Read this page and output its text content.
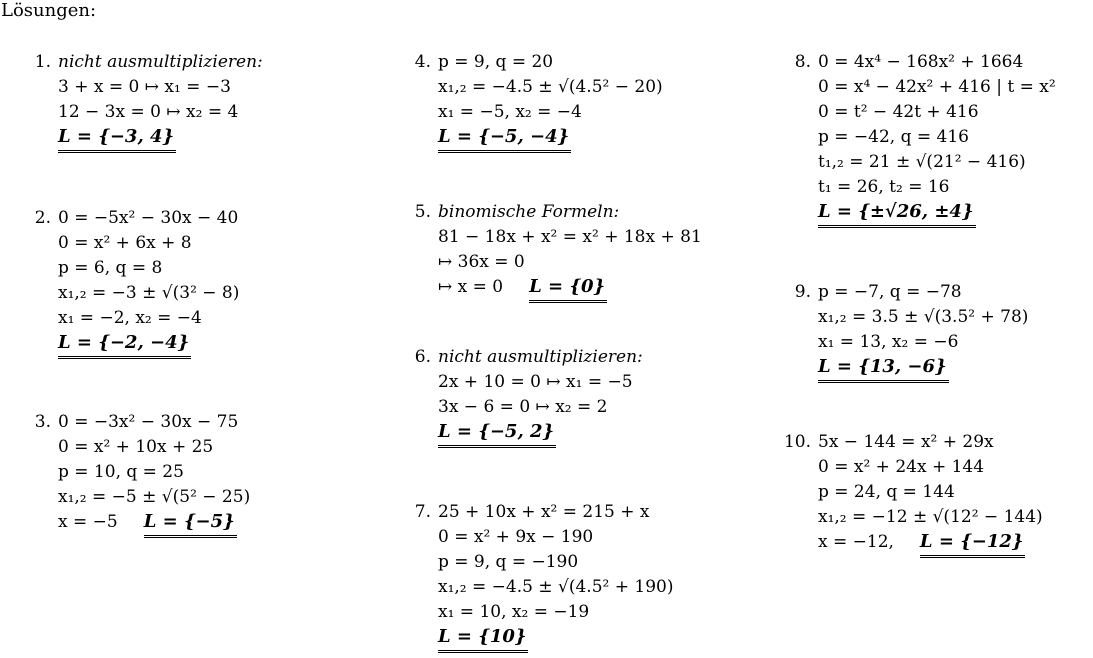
Lösungen:
1. nicht ausmultiplizieren:
3 + x = 0 ↦ x₁ = −3
12 − 3x = 0 ↦ x₂ = 4
L = {−3, 4}
2. 0 = −5x² − 30x − 40
0 = x² + 6x + 8
p = 6, q = 8
x₁,₂ = −3 ± √(3² − 8)
x₁ = −2, x₂ = −4
L = {−2, −4}
3. 0 = −3x² − 30x − 75
0 = x² + 10x + 25
p = 10, q = 25
x₁,₂ = −5 ± √(5² − 25)
x = −5 L = {−5}
4. p = 9, q = 20
x₁,₂ = −4.5 ± √(4.5² − 20)
x₁ = −5, x₂ = −4
L = {−5, −4}
5. binomische Formeln:
81 − 18x + x² = x² + 18x + 81
↦ 36x = 0
↦ x = 0 L = {0}
6. nicht ausmultiplizieren:
2x + 10 = 0 ↦ x₁ = −5
3x − 6 = 0 ↦ x₂ = 2
L = {−5, 2}
7. 25 + 10x + x² = 215 + x
0 = x² + 9x − 190
p = 9, q = −190
x₁,₂ = −4.5 ± √(4.5² + 190)
x₁ = 10, x₂ = −19
L = {10}
8. 0 = 4x⁴ − 168x² + 1664
0 = x⁴ − 42x² + 416 | t = x²
0 = t² − 42t + 416
p = −42, q = 416
t₁,₂ = 21 ± √(21² − 416)
t₁ = 26, t₂ = 16
L = {±√26, ±4}
9. p = −7, q = −78
x₁,₂ = 3.5 ± √(3.5² + 78)
x₁ = 13, x₂ = −6
L = {13, −6}
10. 5x − 144 = x² + 29x
0 = x² + 24x + 144
p = 24, q = 144
x₁,₂ = −12 ± √(12² − 144)
x = −12, L = {−12}
